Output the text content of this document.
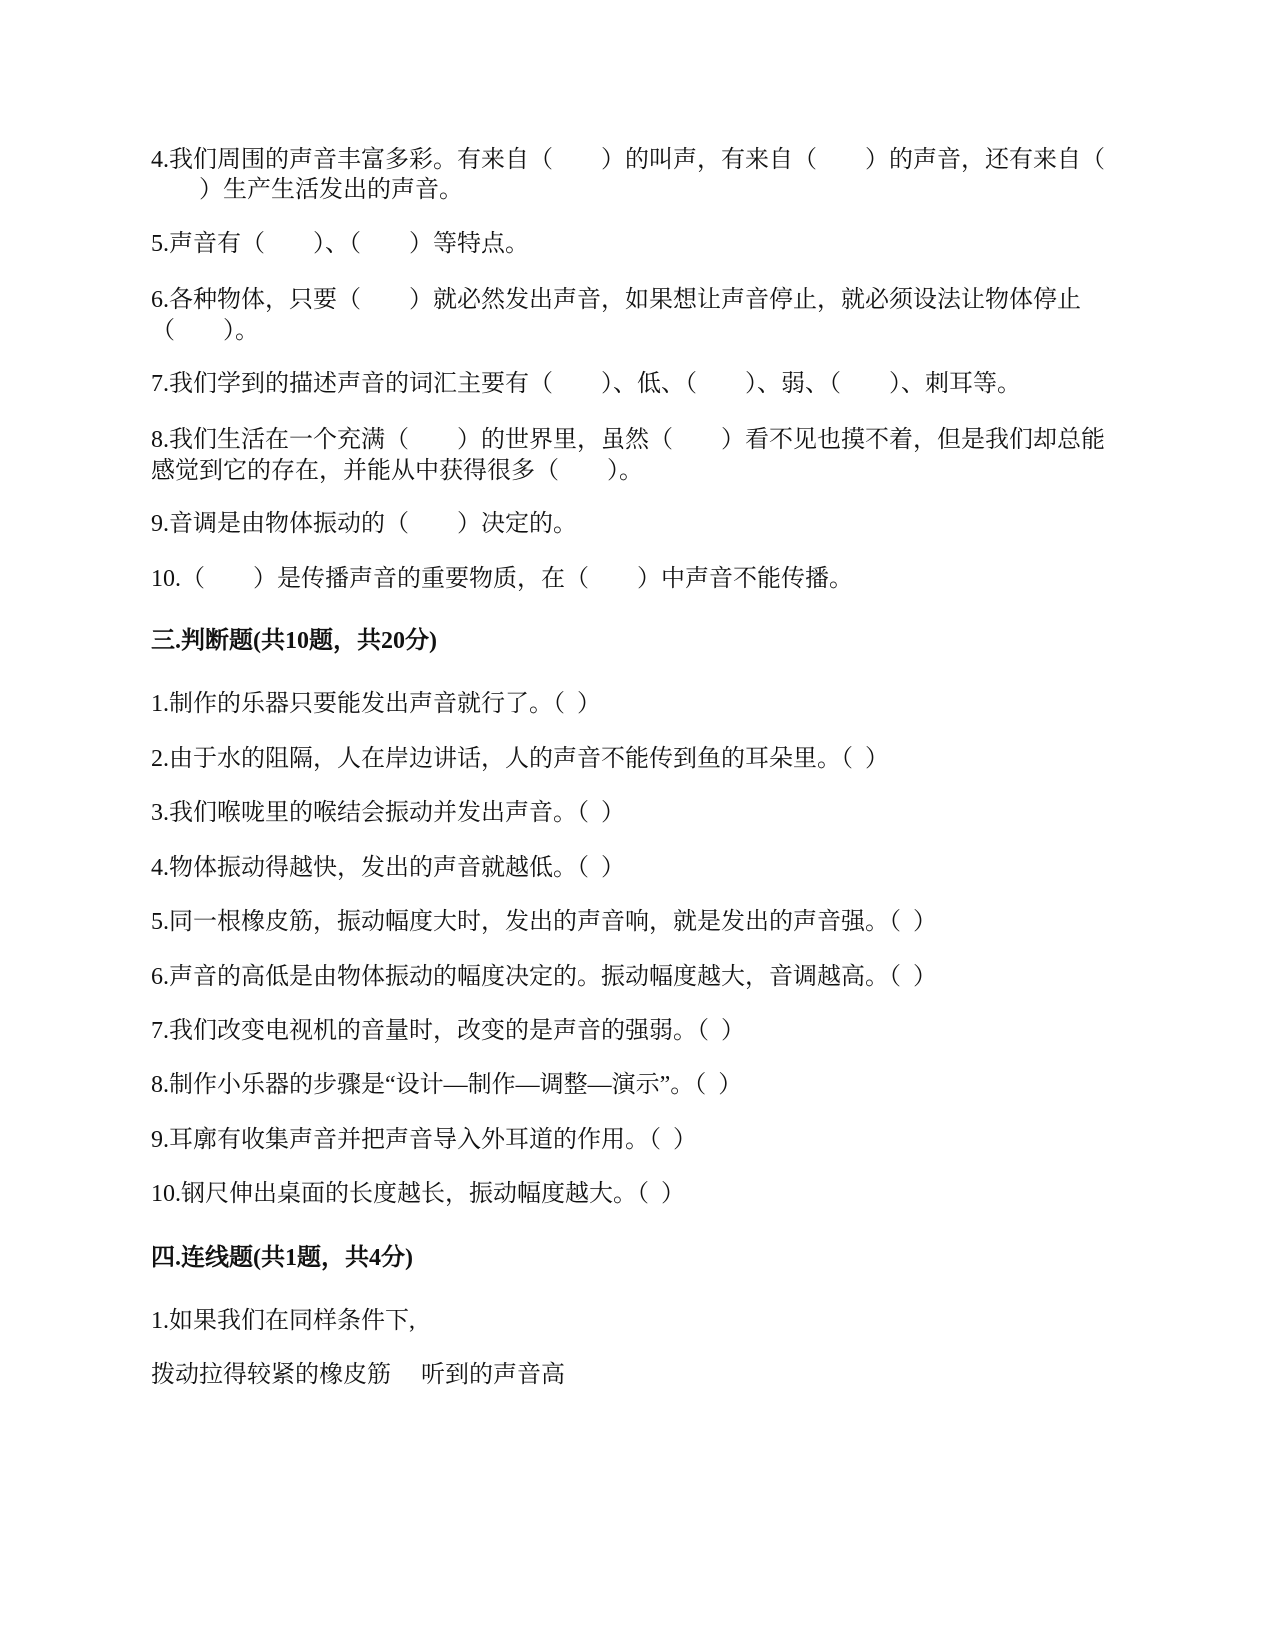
4.我们周围的声音丰富多彩。有来自（　　）的叫声，有来自（　　）的声音，还有来自（
　　）生产生活发出的声音。
5.声音有（　　）、（　　）等特点。
6.各种物体，只要（　　）就必然发出声音，如果想让声音停止，就必须设法让物体停止
（　　）。
7.我们学到的描述声音的词汇主要有（　　）、低、（　　）、弱、（　　）、刺耳等。
8.我们生活在一个充满（　　）的世界里，虽然（　　）看不见也摸不着，但是我们却总能
感觉到它的存在，并能从中获得很多（　　）。
9.音调是由物体振动的（　　）决定的。
10.（　　）是传播声音的重要物质，在（　　）中声音不能传播。
三.判断题(共10题，共20分)
1.制作的乐器只要能发出声音就行了。（  ）
2.由于水的阻隔，人在岸边讲话，人的声音不能传到鱼的耳朵里。（  ）
3.我们喉咙里的喉结会振动并发出声音。（  ）
4.物体振动得越快，发出的声音就越低。（  ）
5.同一根橡皮筋，振动幅度大时，发出的声音响，就是发出的声音强。（  ）
6.声音的高低是由物体振动的幅度决定的。振动幅度越大，音调越高。（  ）
7.我们改变电视机的音量时，改变的是声音的强弱。（  ）
8.制作小乐器的步骤是“设计—制作—调整—演示”。（  ）
9.耳廓有收集声音并把声音导入外耳道的作用。（  ）
10.钢尺伸出桌面的长度越长，振动幅度越大。（  ）
四.连线题(共1题，共4分)
1.如果我们在同样条件下,
拨动拉得较紧的橡皮筋　 听到的声音高
